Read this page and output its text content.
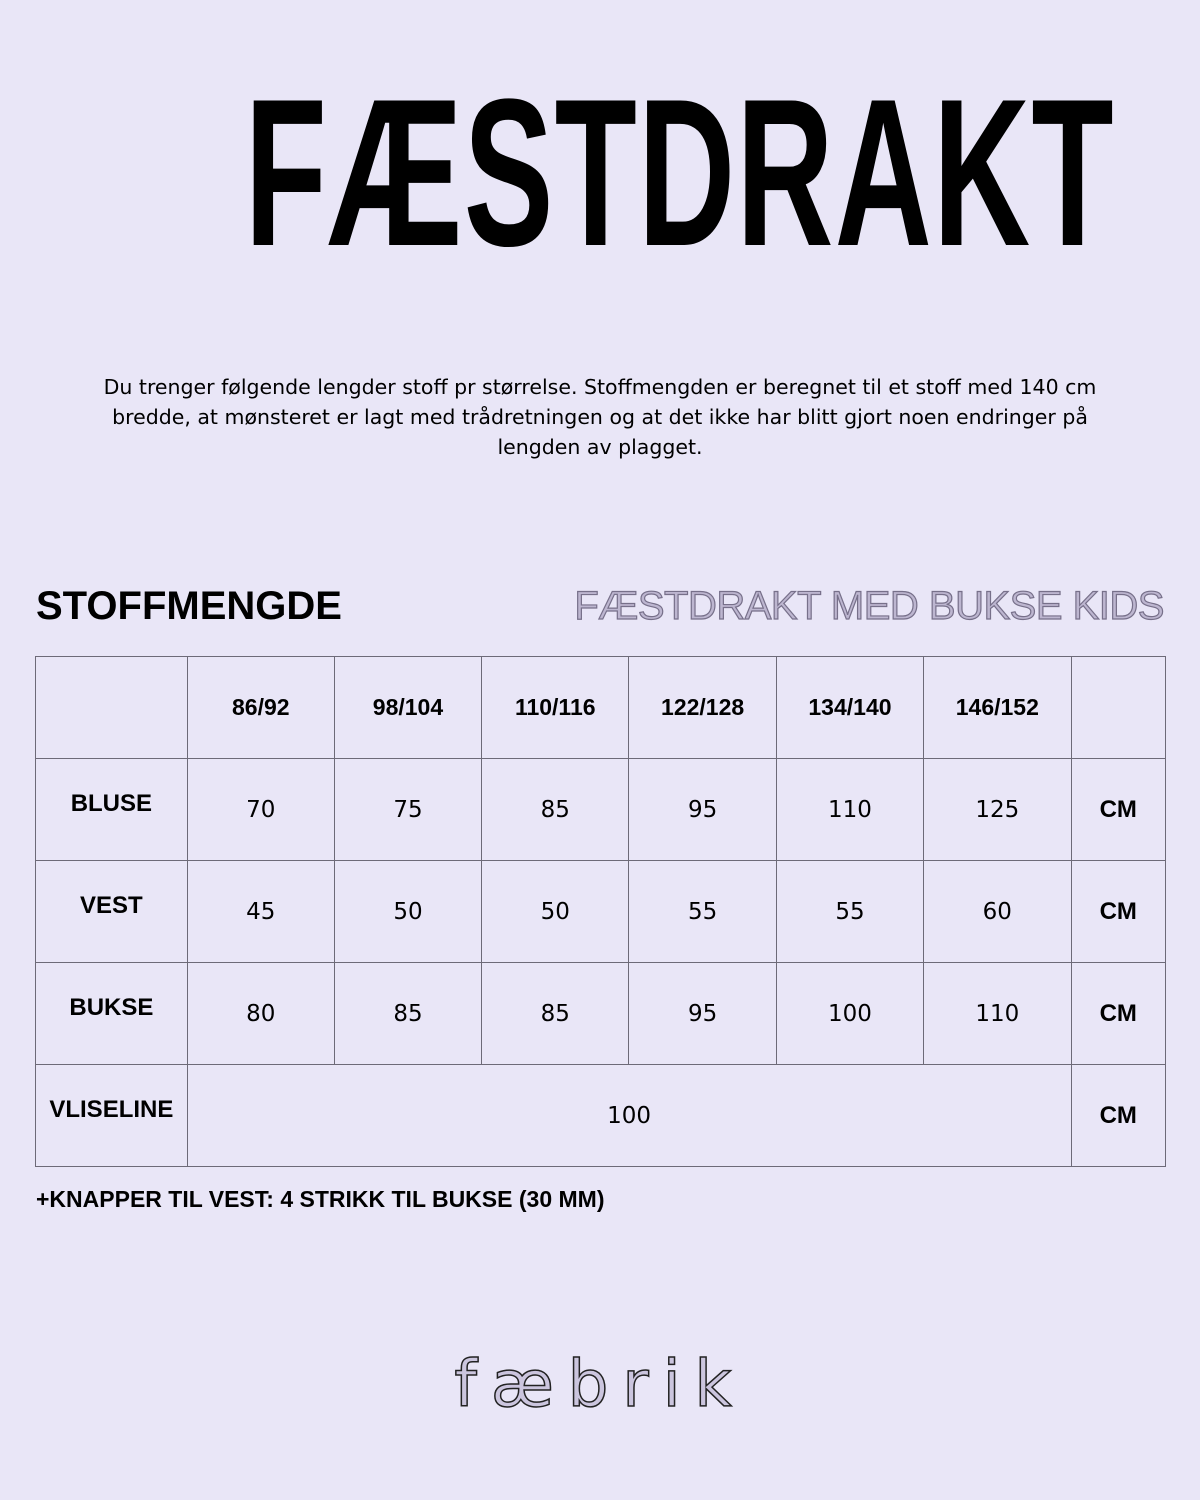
FÆSTDRAKT
Du trenger følgende lengder stoff pr størrelse. Stoffmengden er beregnet til et stoff med 140 cm bredde, at mønsteret er lagt med trådretningen og at det ikke har blitt gjort noen endringer på lengden av plagget.
STOFFMENGDE	FÆSTDRAKT MED BUKSE KIDS
	86/92	98/104	110/116	122/128	134/140	146/152	
BLUSE	70	75	85	95	110	125	CM
VEST	45	50	50	55	55	60	CM
BUKSE	80	85	85	95	100	110	CM
VLISELINE	100						CM
+KNAPPER TIL VEST: 4 STRIKK TIL BUKSE (30 MM)
fæbrik
